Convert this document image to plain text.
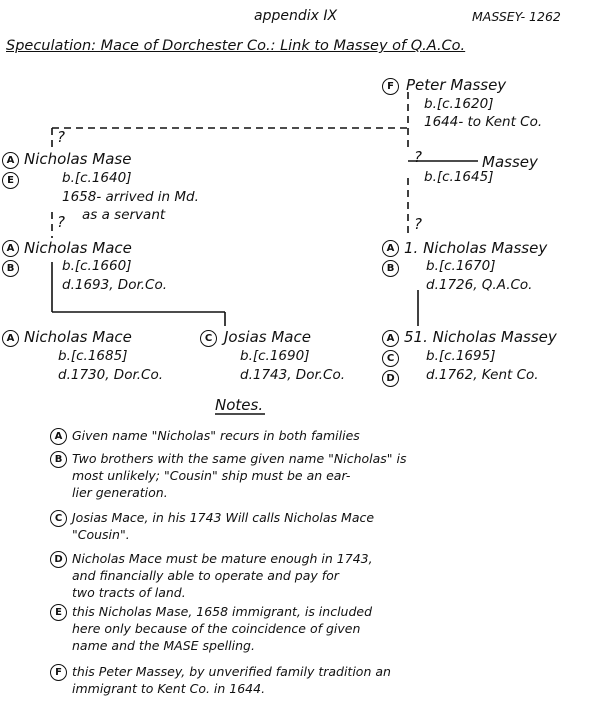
appendix IX	MASSEY- 1262
Speculation: Mace of Dorchester Co.: Link to Massey of Q.A.Co.
?
?
?	?
F Peter Massey
b.[c.1620]
1644- to Kent Co.
Massey
b.[c.1645]
A
E
Nicholas Mase
b.[c.1640]
1658- arrived in Md.
as a servant
A
B
Nicholas Mace
b.[c.1660]
d.1693, Dor.Co.
A
B
1. Nicholas Massey
b.[c.1670]
d.1726, Q.A.Co.
A Nicholas Mace
b.[c.1685]
d.1730, Dor.Co.
C Josias Mace
b.[c.1690]
d.1743, Dor.Co.
A
C
D
51. Nicholas Massey
b.[c.1695]
d.1762, Kent Co.
Notes.
A Given name "Nicholas" recurs in both families
B Two brothers with the same given name "Nicholas" is
most unlikely; "Cousin" ship must be an ear-
lier generation.
C Josias Mace, in his 1743 Will calls Nicholas Mace
"Cousin".
D Nicholas Mace must be mature enough in 1743,
and financially able to operate and pay for
two tracts of land.
E this Nicholas Mase, 1658 immigrant, is included
here only because of the coincidence of given
name and the MASE spelling.
F this Peter Massey, by unverified family tradition an
immigrant to Kent Co. in 1644.
